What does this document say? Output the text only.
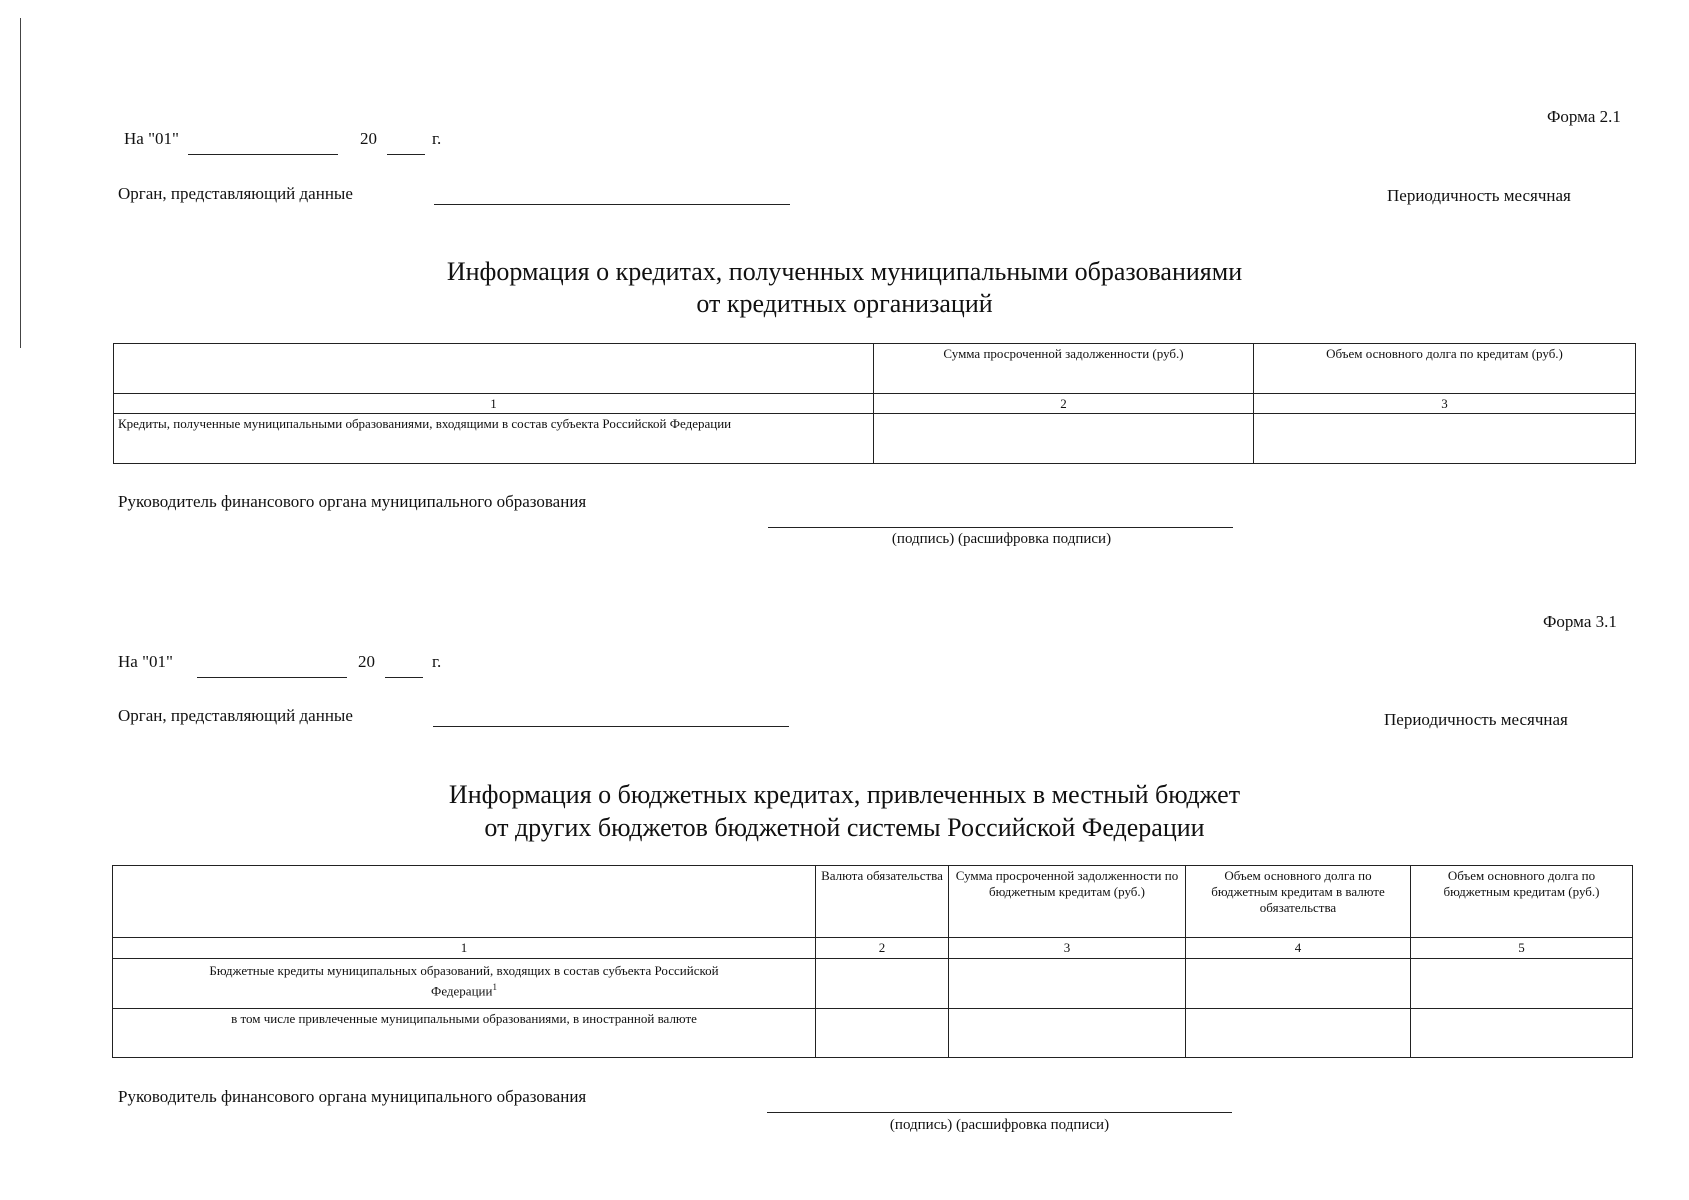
Форма 2.1
На "01"	20	г.
Орган, представляющий данные	Периодичность месячная
Информация о кредитах, полученных муниципальными образованиями
от кредитных организаций
	Сумма просроченной задолженности (руб.)	Объем основного долга по кредитам (руб.)
1	2	3
Кредиты, полученные муниципальными образованиями, входящими в состав субъекта Российской Федерации		
Руководитель финансового органа муниципального образования
(подпись) (расшифровка подписи)
Форма 3.1
На "01"	20	г.
Орган, представляющий данные	Периодичность месячная
Информация о бюджетных кредитах, привлеченных в местный бюджет
от других бюджетов бюджетной системы Российской Федерации
	Валюта обязательства	Сумма просроченной задолженности по бюджетным кредитам (руб.)	Объем основного долга по бюджетным кредитам в валюте обязательства	Объем основного долга по бюджетным кредитам (руб.)
1	2	3	4	5
Бюджетные кредиты муниципальных образований, входящих в состав субъекта Российской Федерации$^1$				
в том числе привлеченные муниципальными образованиями, в иностранной валюте				
Руководитель финансового органа муниципального образования
(подпись) (расшифровка подписи)
